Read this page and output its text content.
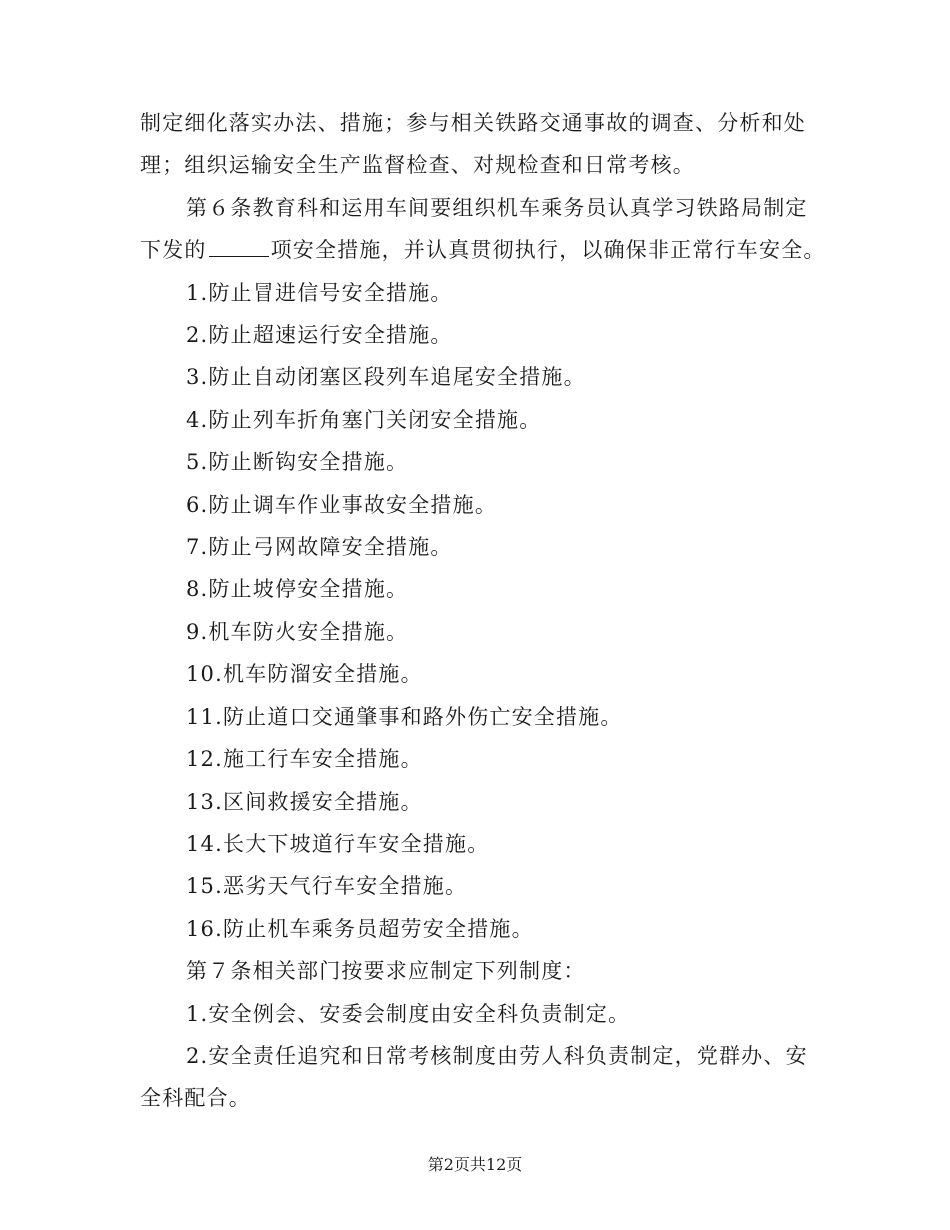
制定细化落实办法、措施；参与相关铁路交通事故的调查、分析和处
理；组织运输安全生产监督检查、对规检查和日常考核。
第６条教育科和运用车间要组织机车乘务员认真学习铁路局制定
下发的	项安全措施，并认真贯彻执行，以确保非正常行车安全。
1.防止冒进信号安全措施。
2.防止超速运行安全措施。
3.防止自动闭塞区段列车追尾安全措施。
4.防止列车折角塞门关闭安全措施。
5.防止断钩安全措施。
6.防止调车作业事故安全措施。
7.防止弓网故障安全措施。
8.防止坡停安全措施。
9.机车防火安全措施。
10.机车防溜安全措施。
11.防止道口交通肇事和路外伤亡安全措施。
12.施工行车安全措施。
13.区间救援安全措施。
14.长大下坡道行车安全措施。
15.恶劣天气行车安全措施。
16.防止机车乘务员超劳安全措施。
第７条相关部门按要求应制定下列制度：
1.安全例会、安委会制度由安全科负责制定。
2.安全责任追究和日常考核制度由劳人科负责制定，党群办、安
全科配合。
第2页共12页
